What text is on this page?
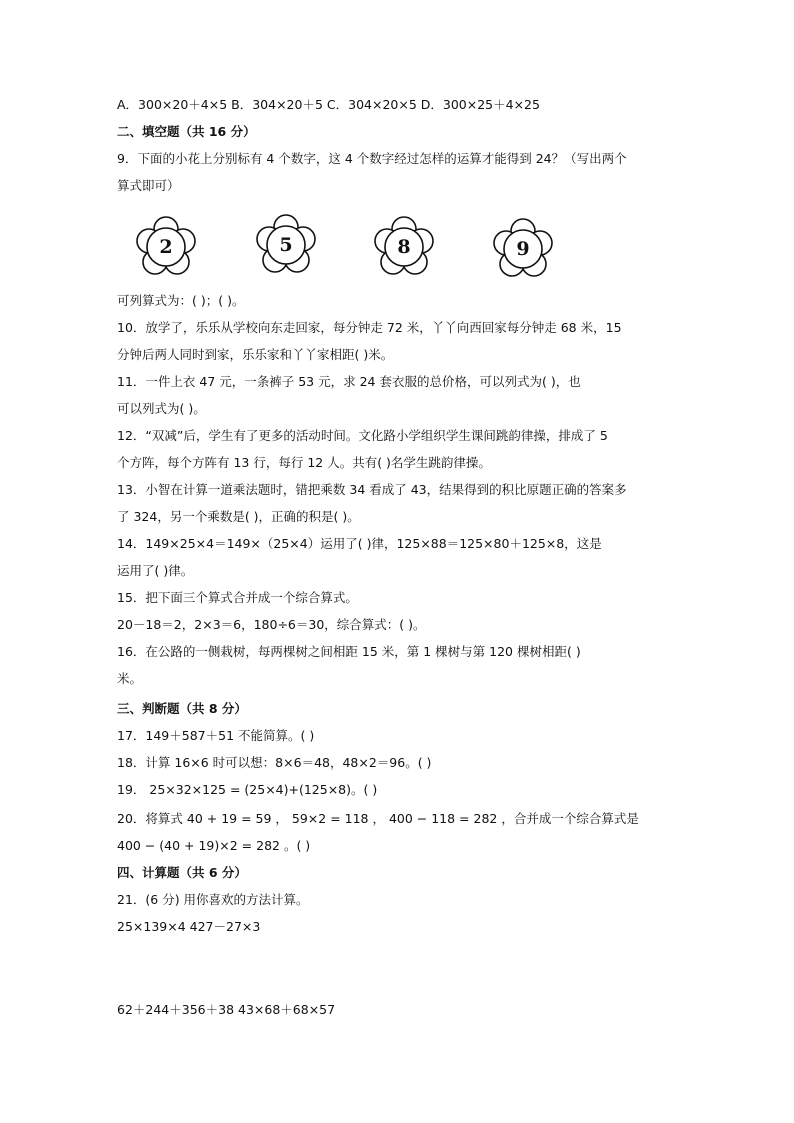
A．300×20＋4×5 B．304×20＋5 C．304×20×5 D．300×25＋4×25
二、填空题（共 16 分）
9．下面的小花上分别标有 4 个数字，这 4 个数字经过怎样的运算才能得到 24？（写出两个
算式即可）
2	5	8	9
可列算式为：( )；( )。
10．放学了，乐乐从学校向东走回家，每分钟走 72 米，丫丫向西回家每分钟走 68 米，15
分钟后两人同时到家，乐乐家和丫丫家相距( )米。
11．一件上衣 47 元，一条裤子 53 元，求 24 套衣服的总价格，可以列式为( )，也
可以列式为( )。
12．“双减”后，学生有了更多的活动时间。文化路小学组织学生课间跳韵律操，排成了 5
个方阵，每个方阵有 13 行，每行 12 人。共有( )名学生跳韵律操。
13．小智在计算一道乘法题时，错把乘数 34 看成了 43，结果得到的积比原题正确的答案多
了 324，另一个乘数是( )，正确的积是( )。
14．149×25×4＝149×（25×4）运用了( )律，125×88＝125×80＋125×8，这是
运用了( )律。
15．把下面三个算式合并成一个综合算式。
20－18＝2，2×3＝6，180÷6＝30，综合算式：( )。
16．在公路的一侧栽树，每两棵树之间相距 15 米，第 1 棵树与第 120 棵树相距( )
米。
三、判断题（共 8 分）
17．149＋587＋51 不能简算。( )
18．计算 16×6 时可以想：8×6＝48，48×2＝96。( )
19． 25×32×125 = (25×4)+(125×8)。( )
20．将算式 40 + 19 = 59 ， 59×2 = 118 ， 400 − 118 = 282 ，合并成一个综合算式是
400 − (40 + 19)×2 = 282 。( )
四、计算题（共 6 分）
21．(6 分) 用你喜欢的方法计算。
25×139×4 427－27×3
62＋244＋356＋38 43×68＋68×57
